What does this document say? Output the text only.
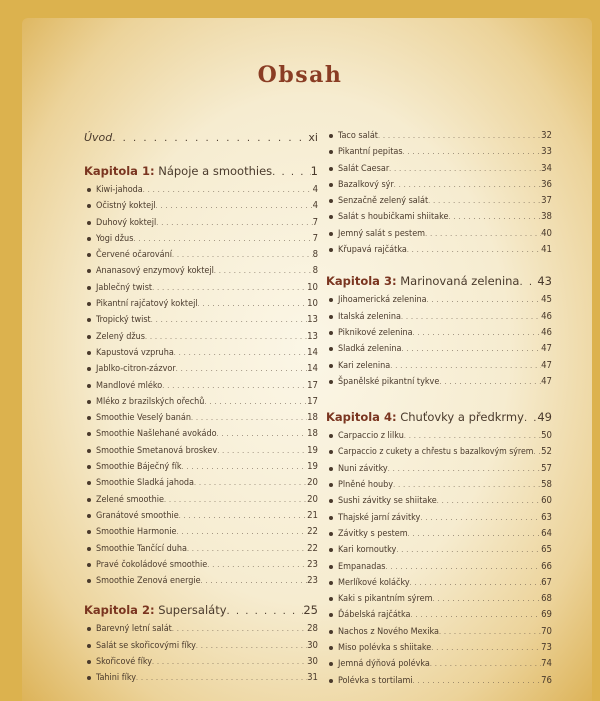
Obsah
Úvod . . .	xi
Kapitola 1: Nápoje a smoothies . . .	1
Kiwi-jahoda . . .	4
Očistný koktejl . . .	4
Duhový koktejl . . .	7
Yogi džus . . .	7
Červené očarování . . .	8
Ananasový enzymový koktejl . . .	8
Jablečný twist . . .	10
Pikantní rajčatový koktejl . . .	10
Tropický twist . . .	13
Zelený džus . . .	13
Kapustová vzpruha . . .	14
Jablko-citron-zázvor . . .	14
Mandlové mléko . . .	17
Mléko z brazilských ořechů . . .	17
Smoothie Veselý banán . . .	18
Smoothie Našlehané avokádo . . .	18
Smoothie Smetanová broskev . . .	19
Smoothie Báječný fík . . .	19
Smoothie Sladká jahoda . . .	20
Zelené smoothie . . .	20
Granátové smoothie . . .	21
Smoothie Harmonie . . .	22
Smoothie Tančící duha . . .	22
Pravé čokoládové smoothie . . .	23
Smoothie Zenová energie . . .	23
Kapitola 2: Supersaláty . . .	25
Barevný letní salát . . .	28
Salát se skořicovými fíky . . .	30
Skořicové fíky . . .	30
Tahini fíky . . .	31
Taco salát . . .	32
Pikantní pepitas . . .	33
Salát Caesar . . .	34
Bazalkový sýr . . .	36
Senzačně zelený salát . . .	37
Salát s houbičkami shiitake . . .	38
Jemný salát s pestem . . .	40
Křupavá rajčátka . . .	41
Kapitola 3: Marinovaná zelenina . . . 43
Jihoamerická zelenina . . .	45
Italská zelenina . . .	46
Piknikové zelenina . . .	46
Sladká zelenina . . .	47
Kari zelenina . . .	47
Španělské pikantní tykve . . .	47
Kapitola 4: Chuťovky a předkrmy . . . 49
Carpaccio z lilku . . .	50
Carpaccio z cukety a chřestu s bazalkovým sýrem . . . 52
Nuni závitky . . .	57
Plněné houby . . .	58
Sushi závitky se shiitake . . .	60
Thajské jarní závitky . . .	63
Závitky s pestem . . .	64
Kari kornoutky . . .	65
Empanadas . . .	66
Merlíkové koláčky . . .	67
Kaki s pikantním sýrem . . .	68
Ďábelská rajčátka . . .	69
Nachos z Nového Mexika . . .	70
Miso polévka s shiitake . . .	73
Jemná dýňová polévka . . .	74
Polévka s tortilami . . .	76
